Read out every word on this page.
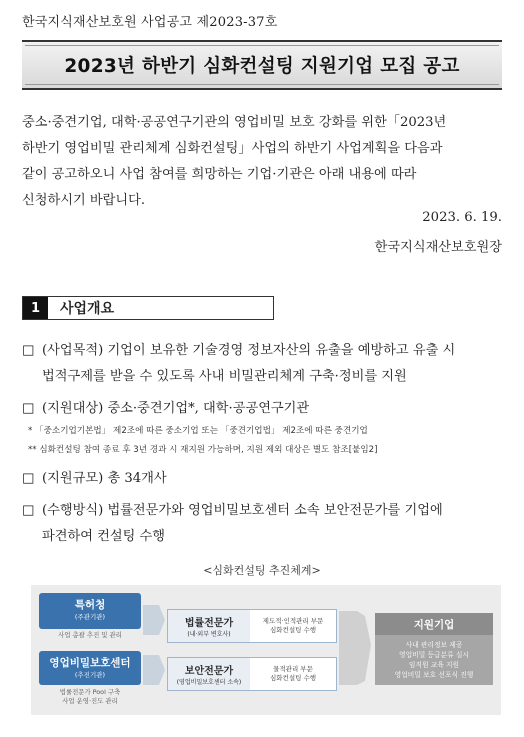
한국지식재산보호원 사업공고 제2023-37호
2023년 하반기 심화컨설팅 지원기업 모집 공고
중소·중견기업, 대학·공공연구기관의 영업비밀 보호 강화를 위한「2023년
하반기 영업비밀 관리체계 심화컨설팅」사업의 하반기 사업계획을 다음과
같이 공고하오니 사업 참여를 희망하는 기업·기관은 아래 내용에 따라
신청하시기 바랍니다.
2023. 6. 19.
한국지식재산보호원장
1	사업개요
□ (사업목적) 기업이 보유한 기술경영 정보자산의 유출을 예방하고 유출 시
법적구제를 받을 수 있도록 사내 비밀관리체계 구축·정비를 지원
□ (지원대상) 중소·중견기업*, 대학·공공연구기관
* 「중소기업기본법」 제2조에 따른 중소기업 또는 「중견기업법」 제2조에 따른 중견기업
** 심화컨설팅 참여 종료 후 3년 경과 시 재지원 가능하며, 지원 제외 대상은 별도 참조[붙임2]
□ (지원규모) 총 34개사
□ (수행방식) 법률전문가와 영업비밀보호센터 소속 보안전문가를 기업에
파견하여 컨설팅 수행
<심화컨설팅 추진체계>
특허청
(주관기관)
사업 총괄 추진 및 관리
영업비밀보호센터
(추진기관)
법률전문가 Pool 구축
사업 운영·진도 관리
법률전문가
(내·외부 변호사)
제도적·인적관리 부문
심화컨설팅 수행
보안전문가
(영업비밀보호센터 소속)
물적관리 부문
심화컨설팅 수행
지원기업
사내 관리정보 제공
영업비밀 등급분류 실시
임직원 교육 지원
영업비밀 보호 선포식 진행
